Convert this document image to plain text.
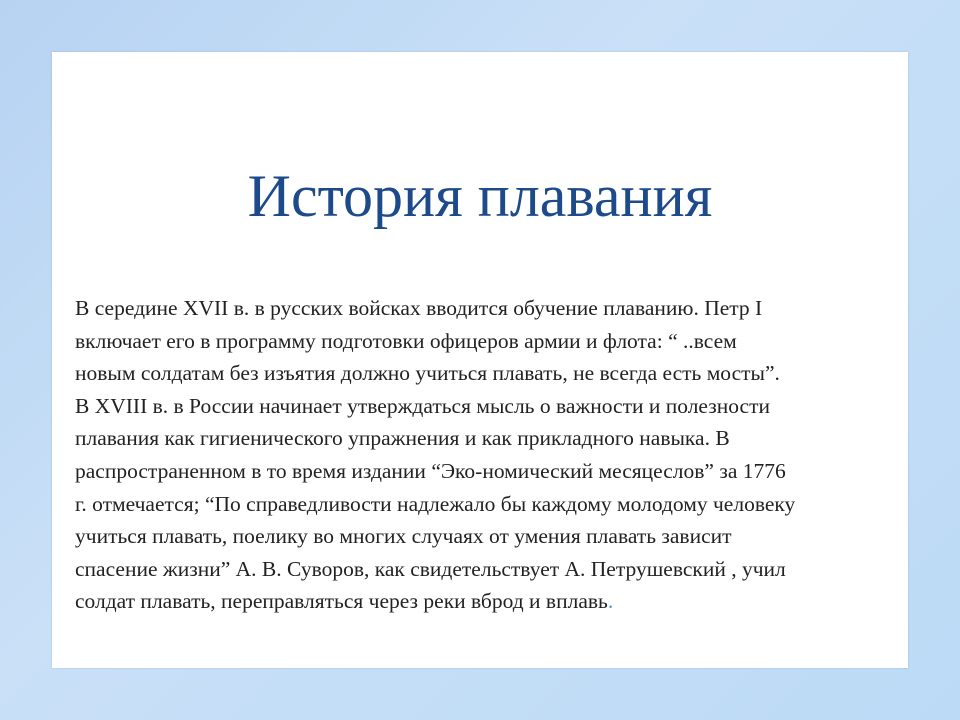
История плавания

В середине XVII в. в русских войсках вводится обучение плаванию. Петр I
включает его в программу подготовки офицеров армии и флота: “ ..всем
новым солдатам без изъятия должно учиться плавать, не всегда есть мосты”.
В XVIII в. в России начинает утверждаться мысль о важности и полезности
плавания как гигиенического упражнения и как прикладного навыка. В
распространенном в то время издании “Эко-номический месяцеслов” за 1776
г. отмечается; “По справедливости надлежало бы каждому молодому человеку
учиться плавать, поелику во многих случаях от умения плавать зависит
спасение жизни” А. В. Суворов, как свидетельствует А. Петрушевский , учил
солдат плавать, переправляться через реки вброд и вплавь.
